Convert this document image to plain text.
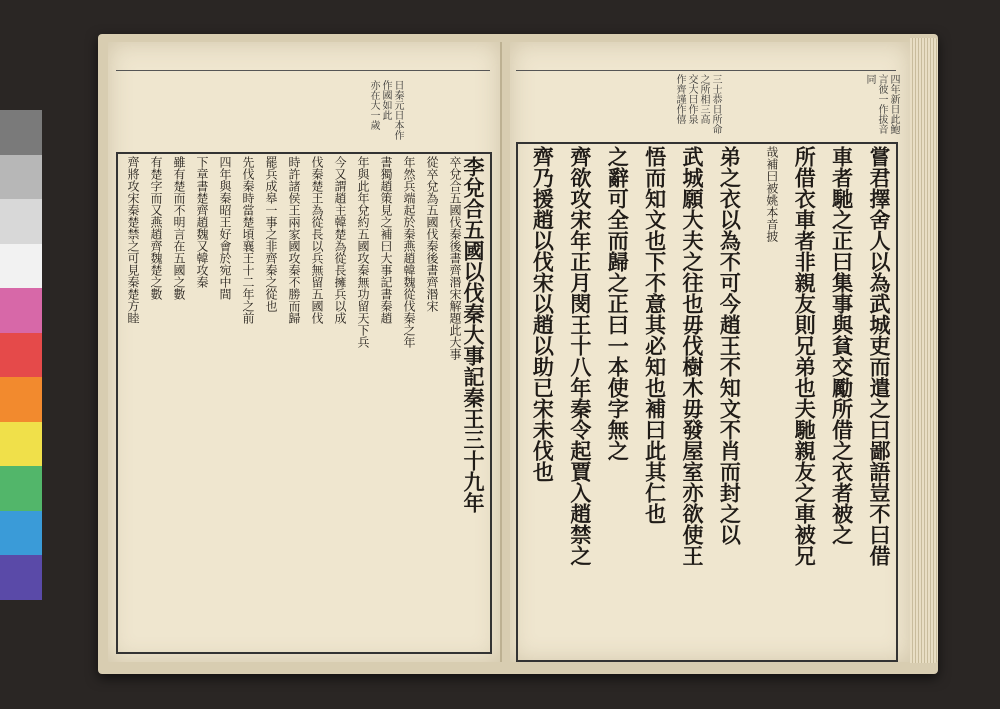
日秦元日本作
作國如此
亦在大一歲
李兌合五國以伐秦大事記秦王三十九年
卒兌合五國伐秦後書齊湣宋解題此大事
從卒兌為五國伐秦後書齊湣宋
年然兵端起於秦燕趙韓魏從伐秦之年
書獨趙策見之補曰大事記書秦趙
年與此年兌約五國攻秦無功留天下兵
今又謂趙主韓楚為從長擁兵以成
伐秦楚王為從長以兵無留五國伐
時許諸侯王兩家國攻秦不勝而歸
罷兵成皋一事之非齊秦之從也
先伐秦時當楚頃襄王十二年之前
四年與秦昭王好會於宛中間
下章書楚齊趙魏又韓攻秦
雖有楚而不明言在五國之數
有楚字而又燕趙齊魏楚之數
齊將攻宋秦楚禁之可見秦楚方睦
三士恭日所命
之所相三高
交大曰作泉
作齊謹作僖	四年新日此鮑
言彼一作拔音
同
嘗君擇舍人以為武城吏而遣之曰鄙語豈不曰借
車者馳之正曰集事與貧交勵所借之衣者被之
所借衣車者非親友則兄弟也夫馳親友之車被兄
哉補曰被姚本音披
弟之衣以為不可今趙王不知文不肖而封之以
武城願大夫之往也毋伐樹木毋發屋室亦欲使王
悟而知文也下不意其必知也補曰此其仁也
之辭可全而歸之正曰一本使字無之
齊欲攻宋年正月閔王十八年秦令起賈入趙禁之
齊乃援趙以伐宋以趙以助已宋未伐也
